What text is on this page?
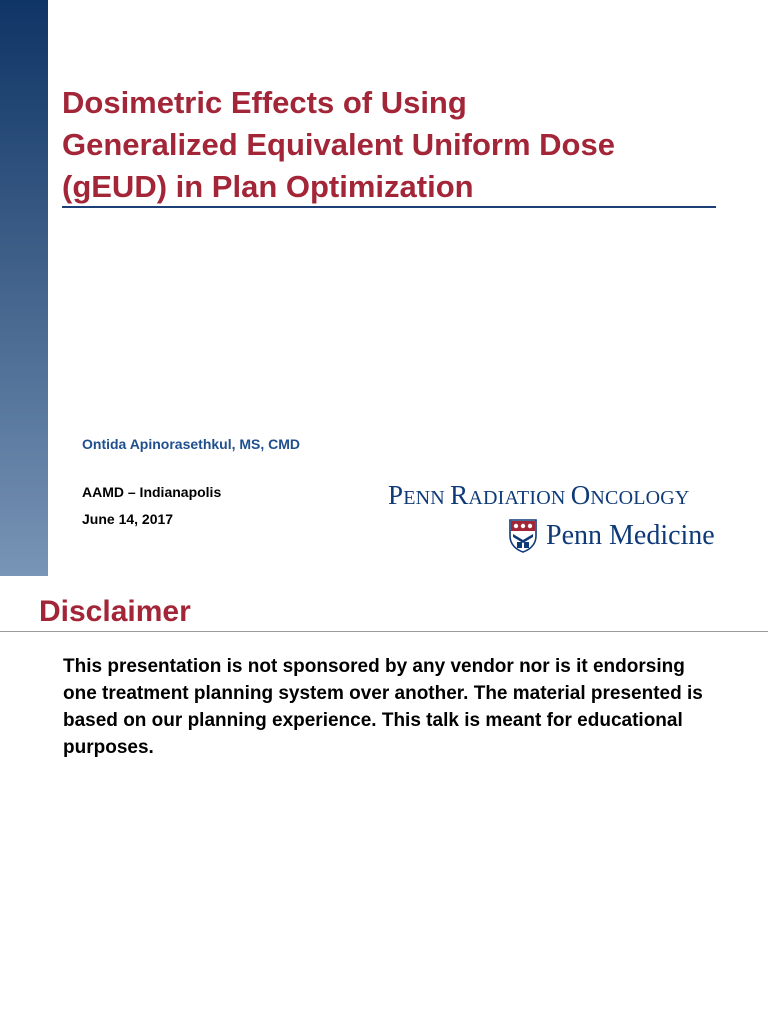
Dosimetric Effects of Using
Generalized Equivalent Uniform Dose
(gEUD) in Plan Optimization
Ontida Apinorasethkul, MS, CMD
AAMD – Indianapolis
June 14, 2017
PENN RADIATION ONCOLOGY
Penn Medicine
Disclaimer

This presentation is not sponsored by any vendor nor is it endorsing one treatment planning system over another. The material presented is based on our planning experience. This talk is meant for educational purposes.
